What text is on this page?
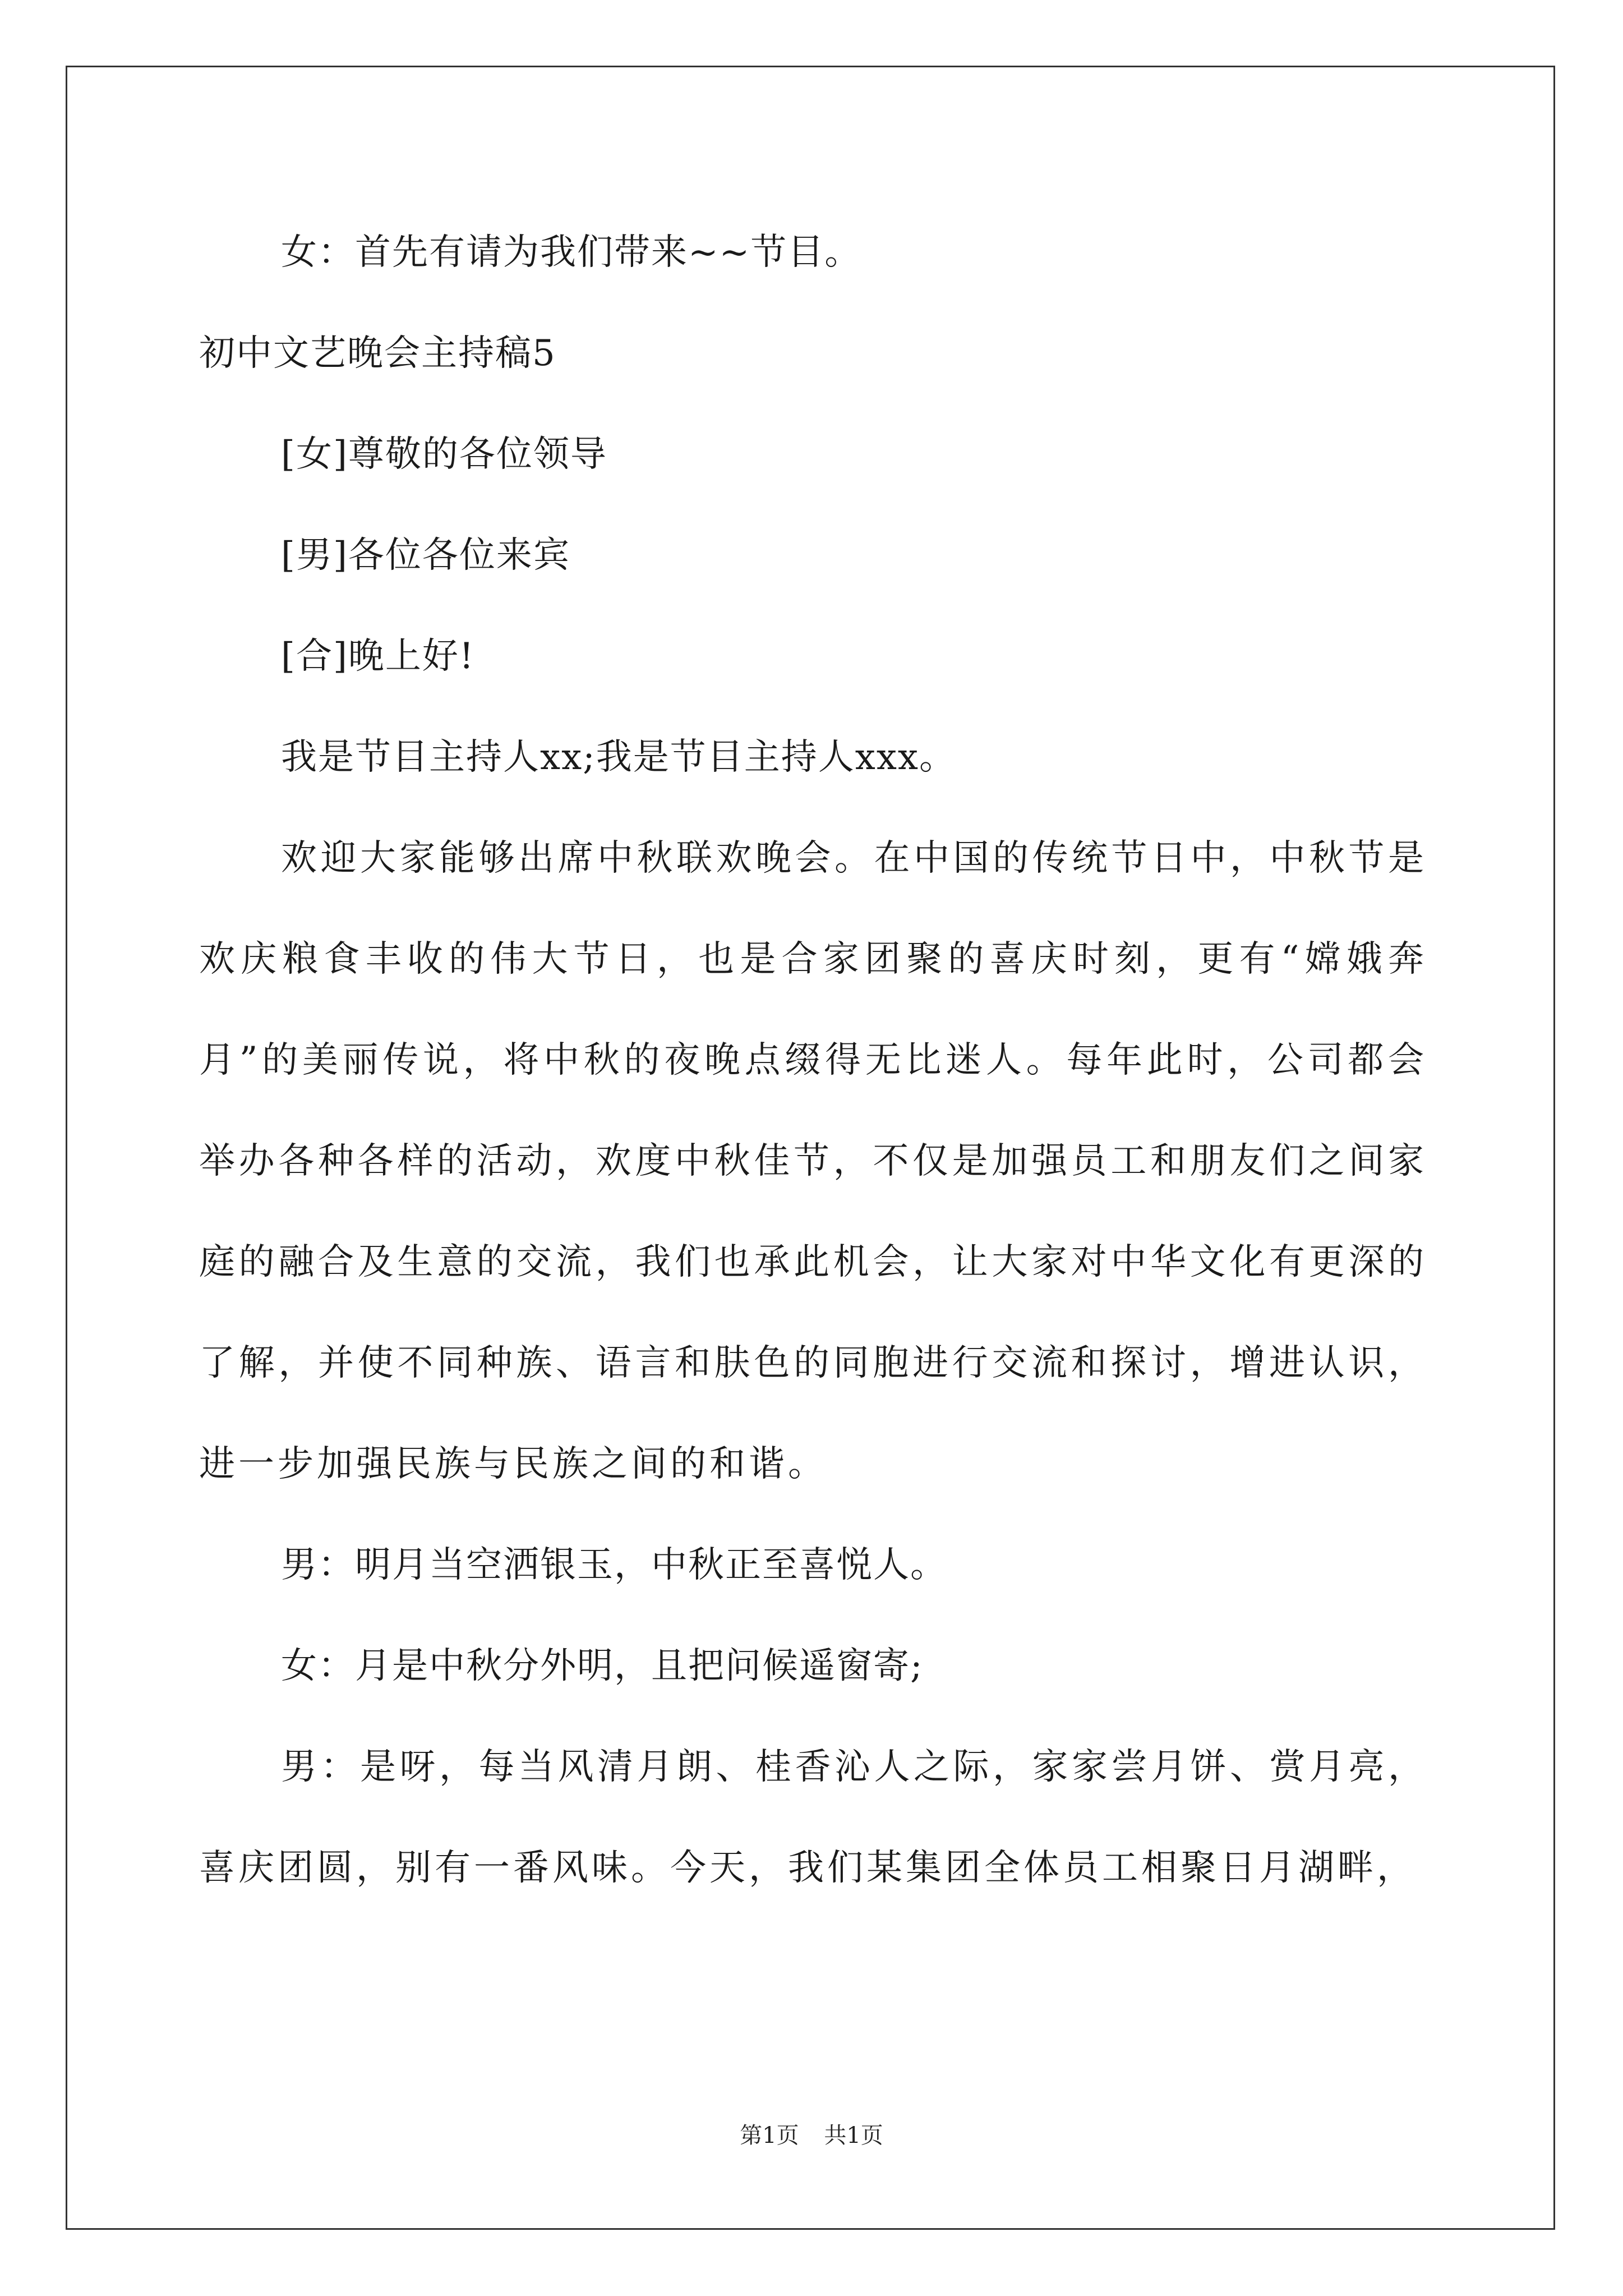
女：首先有请为我们带来~~节目。
初中文艺晚会主持稿5
[女]尊敬的各位领导
[男]各位各位来宾
[合]晚上好!
我是节目主持人xx;我是节目主持人xxx。
欢迎大家能够出席中秋联欢晚会。在中国的传统节日中，中秋节是欢庆粮食丰收的伟大节日，也是合家团聚的喜庆时刻，更有“嫦娥奔月”的美丽传说，将中秋的夜晚点缀得无比迷人。每年此时，公司都会举办各种各样的活动，欢度中秋佳节，不仅是加强员工和朋友们之间家庭的融合及生意的交流，我们也承此机会，让大家对中华文化有更深的了解，并使不同种族、语言和肤色的同胞进行交流和探讨，增进认识，进一步加强民族与民族之间的和谐。
男：明月当空洒银玉，中秋正至喜悦人。
女：月是中秋分外明，且把问候遥窗寄;
男：是呀，每当风清月朗、桂香沁人之际，家家尝月饼、赏月亮，喜庆团圆，别有一番风味。今天，我们某集团全体员工相聚日月湖畔，
第1页 共1页
